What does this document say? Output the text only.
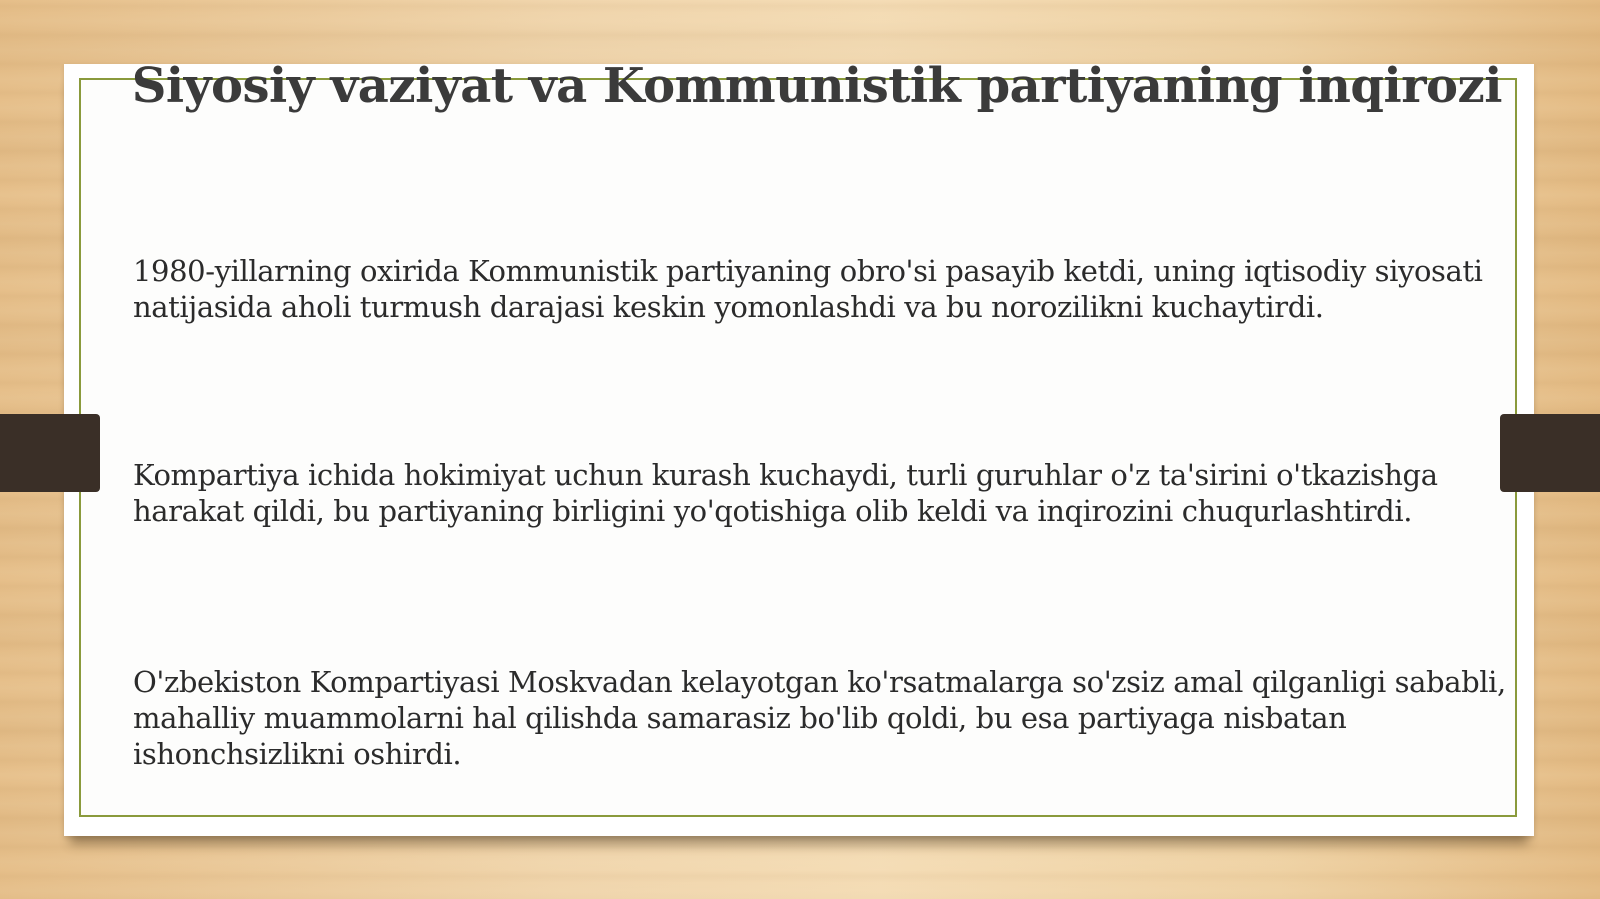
Siyosiy vaziyat va Kommunistik partiyaning inqirozi

1980-yillarning oxirida Kommunistik partiyaning obro'si pasayib ketdi, uning iqtisodiy siyosati natijasida aholi turmush darajasi keskin yomonlashdi va bu norozilikni kuchaytirdi.

Kompartiya ichida hokimiyat uchun kurash kuchaydi, turli guruhlar o'z ta'sirini o'tkazishga harakat qildi, bu partiyaning birligini yo'qotishiga olib keldi va inqirozini chuqurlashtirdi.

O'zbekiston Kompartiyasi Moskvadan kelayotgan ko'rsatmalarga so'zsiz amal qilganligi sababli, mahalliy muammolarni hal qilishda samarasiz bo'lib qoldi, bu esa partiyaga nisbatan ishonchsizlikni oshirdi.
